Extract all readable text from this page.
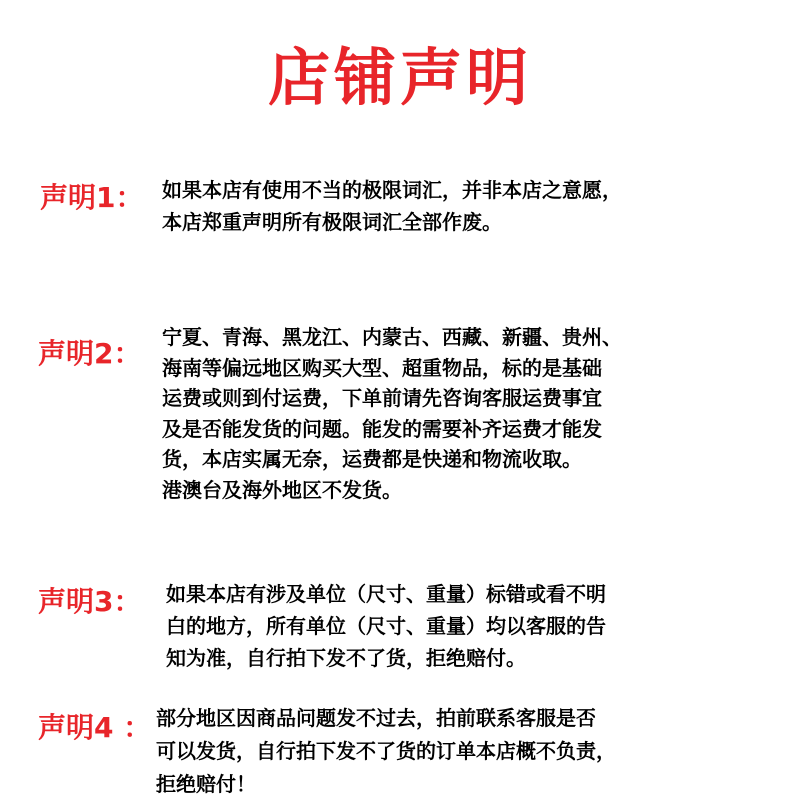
店铺声明
声明1： 如果本店有使用不当的极限词汇，并非本店之意愿，
本店郑重声明所有极限词汇全部作废。
声明2： 宁夏、青海、黑龙江、内蒙古、西藏、新疆、贵州、
海南等偏远地区购买大型、超重物品，标的是基础
运费或则到付运费，下单前请先咨询客服运费事宜
及是否能发货的问题。能发的需要补齐运费才能发
货，本店实属无奈，运费都是快递和物流收取。
港澳台及海外地区不发货。
声明3： 如果本店有涉及单位（尺寸、重量）标错或看不明
白的地方，所有单位（尺寸、重量）均以客服的告
知为准，自行拍下发不了货，拒绝赔付。
声明4 ： 部分地区因商品问题发不过去，拍前联系客服是否
可以发货，自行拍下发不了货的订单本店概不负责，
拒绝赔付！
